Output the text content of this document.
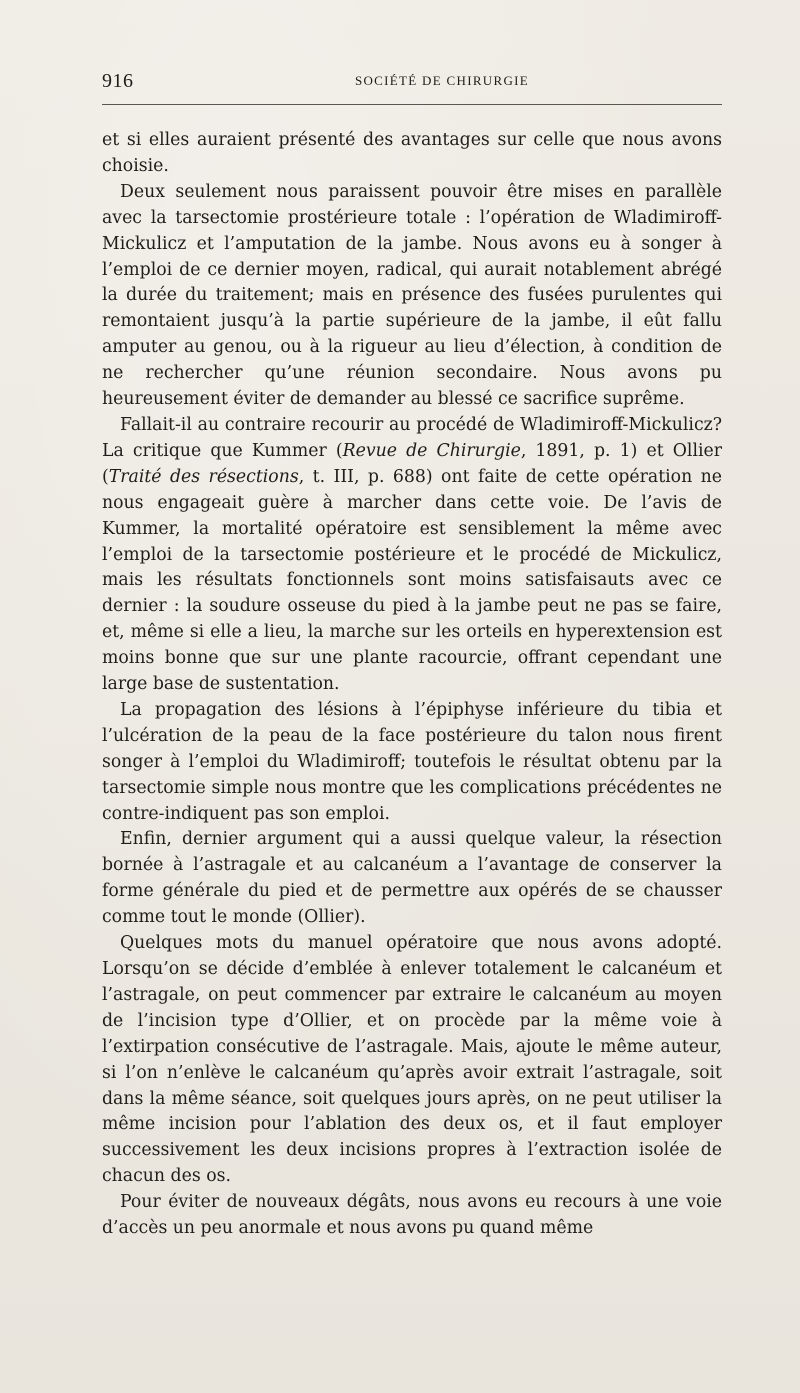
916	SOCIÉTÉ DE CHIRURGIE

et si elles auraient présenté des avantages sur celle que nous avons choisie.

Deux seulement nous paraissent pouvoir être mises en parallèle avec la tarsectomie prostérieure totale : l’opération de Wladimiroff-Mickulicz et l’amputation de la jambe. Nous avons eu à songer à l’emploi de ce dernier moyen, radical, qui aurait notablement abrégé la durée du traitement; mais en présence des fusées purulentes qui remontaient jusqu’à la partie supérieure de la jambe, il eût fallu amputer au genou, ou à la rigueur au lieu d’élection, à condition de ne rechercher qu’une réunion secondaire. Nous avons pu heureusement éviter de demander au blessé ce sacrifice suprême.

Fallait-il au contraire recourir au procédé de Wladimiroff-Mickulicz? La critique que Kummer (Revue de Chirurgie, 1891, p. 1) et Ollier (Traité des résections, t. III, p. 688) ont faite de cette opération ne nous engageait guère à marcher dans cette voie. De l’avis de Kummer, la mortalité opératoire est sensiblement la même avec l’emploi de la tarsectomie postérieure et le procédé de Mickulicz, mais les résultats fonctionnels sont moins satisfaisauts avec ce dernier : la soudure osseuse du pied à la jambe peut ne pas se faire, et, même si elle a lieu, la marche sur les orteils en hyperextension est moins bonne que sur une plante racourcie, offrant cependant une large base de sustentation.

La propagation des lésions à l’épiphyse inférieure du tibia et l’ulcération de la peau de la face postérieure du talon nous firent songer à l’emploi du Wladimiroff; toutefois le résultat obtenu par la tarsectomie simple nous montre que les complications précédentes ne contre-indiquent pas son emploi.

Enfin, dernier argument qui a aussi quelque valeur, la résection bornée à l’astragale et au calcanéum a l’avantage de conserver la forme générale du pied et de permettre aux opérés de se chausser comme tout le monde (Ollier).

Quelques mots du manuel opératoire que nous avons adopté. Lorsqu’on se décide d’emblée à enlever totalement le calcanéum et l’astragale, on peut commencer par extraire le calcanéum au moyen de l’incision type d’Ollier, et on procède par la même voie à l’extirpation consécutive de l’astragale. Mais, ajoute le même auteur, si l’on n’enlève le calcanéum qu’après avoir extrait l’astragale, soit dans la même séance, soit quelques jours après, on ne peut utiliser la même incision pour l’ablation des deux os, et il faut employer successivement les deux incisions propres à l’extraction isolée de chacun des os.

Pour éviter de nouveaux dégâts, nous avons eu recours à une voie d’accès un peu anormale et nous avons pu quand même
